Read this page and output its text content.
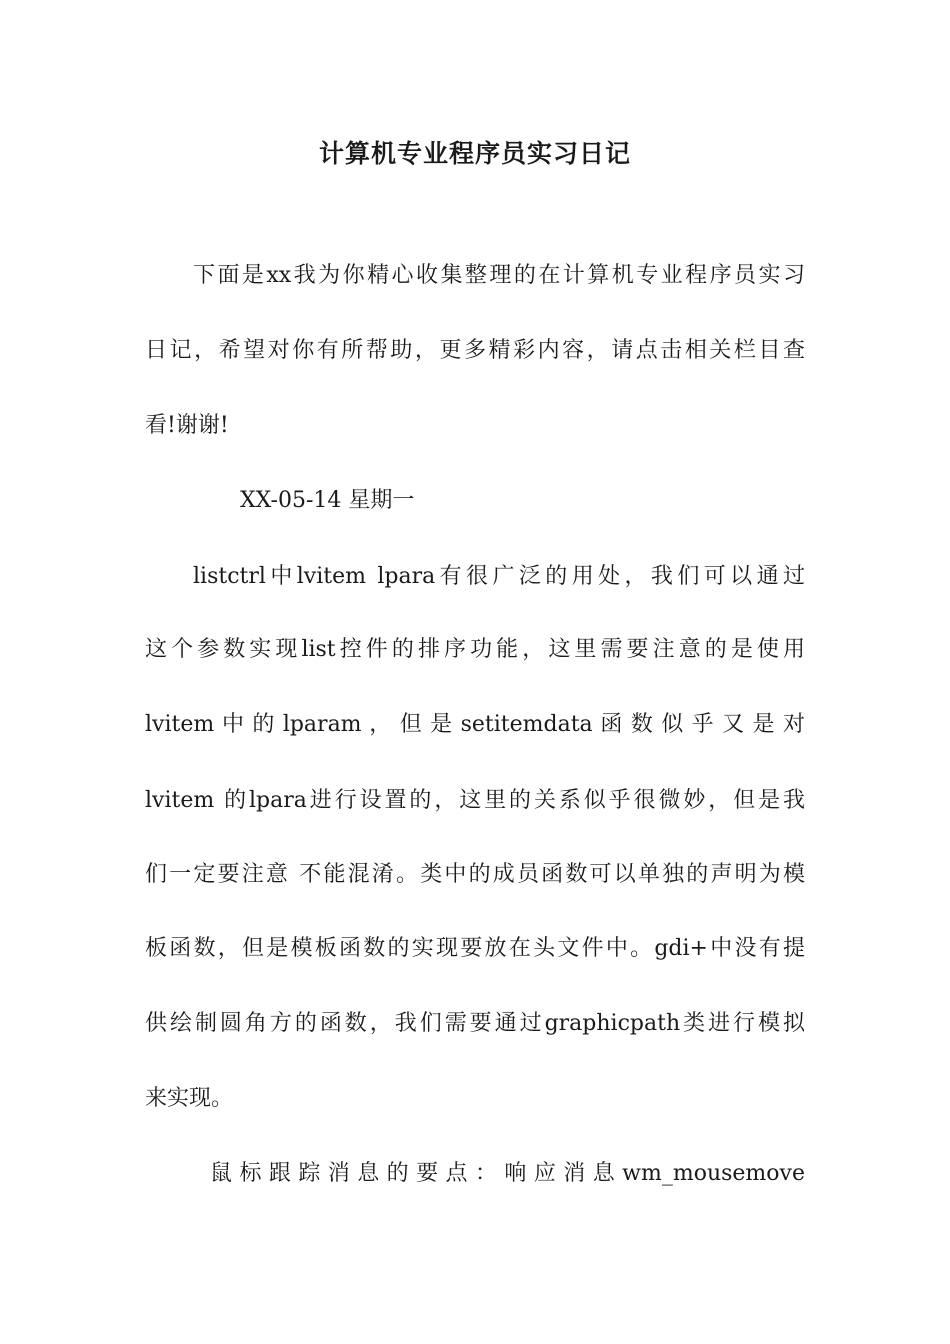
计算机专业程序员实习日记
下面是xx我为你精心收集整理的在计算机专业程序员实习
日记，希望对你有所帮助，更多精彩内容，请点击相关栏目查
看!谢谢!
XX-05-14 星期一
listctrl中lvitem lpara有很广泛的用处，我们可以通过
这个参数实现list控件的排序功能，这里需要注意的是使用
lvitem 中 的 lparam ， 但 是 setitemdata 函 数 似 乎 又 是 对
lvitem 的lpara进行设置的，这里的关系似乎很微妙，但是我
们一定要注意 不能混淆。类中的成员函数可以单独的声明为模
板函数，但是模板函数的实现要放在头文件中。gdi+中没有提
供绘制圆角方的函数，我们需要通过graphicpath类进行模拟
来实现。
鼠 标 跟 踪 消 息 的 要 点 ： 响 应 消 息 wm_mousemove
